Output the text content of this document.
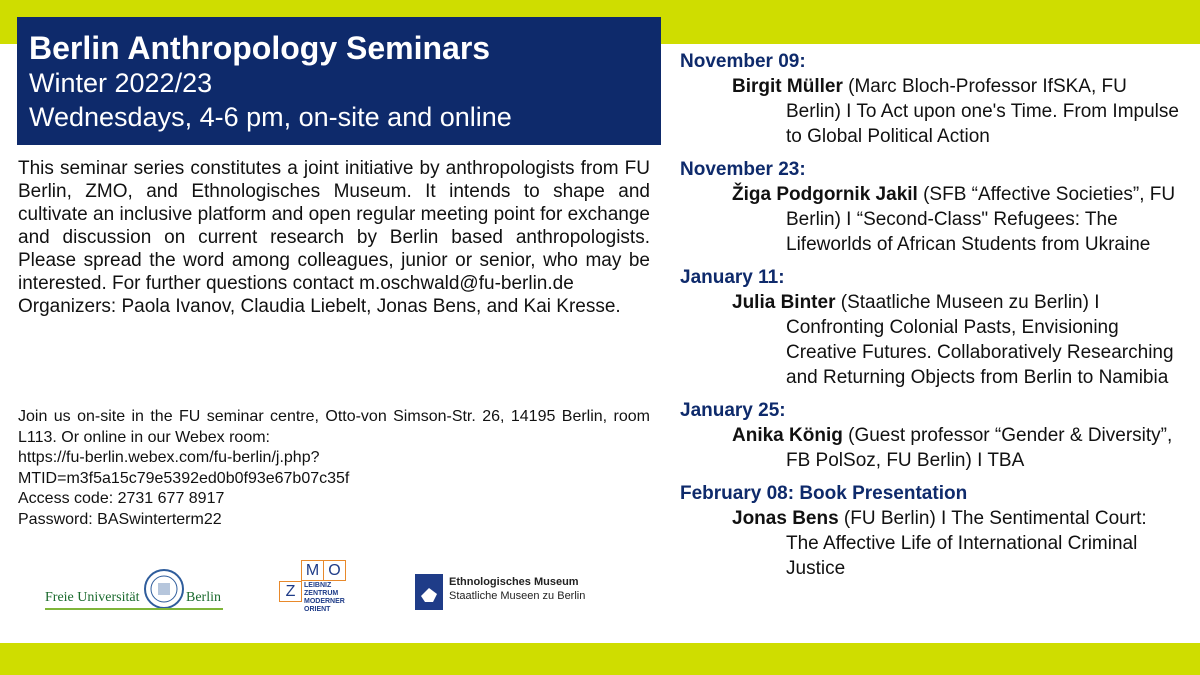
Berlin Anthropology Seminars
Winter 2022/23
Wednesdays, 4-6 pm, on-site and online

This seminar series constitutes a joint initiative by anthropologists from FU Berlin, ZMO, and Ethnologisches Museum. It intends to shape and cultivate an inclusive platform and open regular meeting point for exchange and discussion on current research by Berlin based anthropologists. Please spread the word among colleagues, junior or senior, who may be interested. For further questions contact m.oschwald@fu-berlin.de

Organizers: Paola Ivanov, Claudia Liebelt, Jonas Bens, and Kai Kresse.

Join us on-site in the FU seminar centre, Otto-von Simson-Str. 26, 14195 Berlin, room L113. Or online in our Webex room:

https://fu-berlin.webex.com/fu-berlin/j.php?

MTID=m3f5a15c79e5392ed0b0f93e67b07c35f

Access code: 2731 677 8917

Password: BASwinterterm22

Freie Universität	Berlin
M O
Z	LEIBNIZ
ZENTRUM
MODERNER
ORIENT
Ethnologisches Museum
Staatliche Museen zu Berlin
November 09:
Birgit Müller (Marc Bloch-Professor IfSKA, FU Berlin) I To Act upon one's Time. From Impulse to Global Political Action
November 23:
Žiga Podgornik Jakil (SFB “Affective Societies”, FU Berlin) I “Second-Class" Refugees: The Lifeworlds of African Students from Ukraine
January 11:
Julia Binter (Staatliche Museen zu Berlin) I Confronting Colonial Pasts, Envisioning Creative Futures. Collaboratively Researching and Returning Objects from Berlin to Namibia
January 25:
Anika König (Guest professor “Gender & Diversity”, FB PolSoz, FU Berlin) I TBA
February 08: Book Presentation
Jonas Bens (FU Berlin) I The Sentimental Court: The Affective Life of International Criminal Justice
